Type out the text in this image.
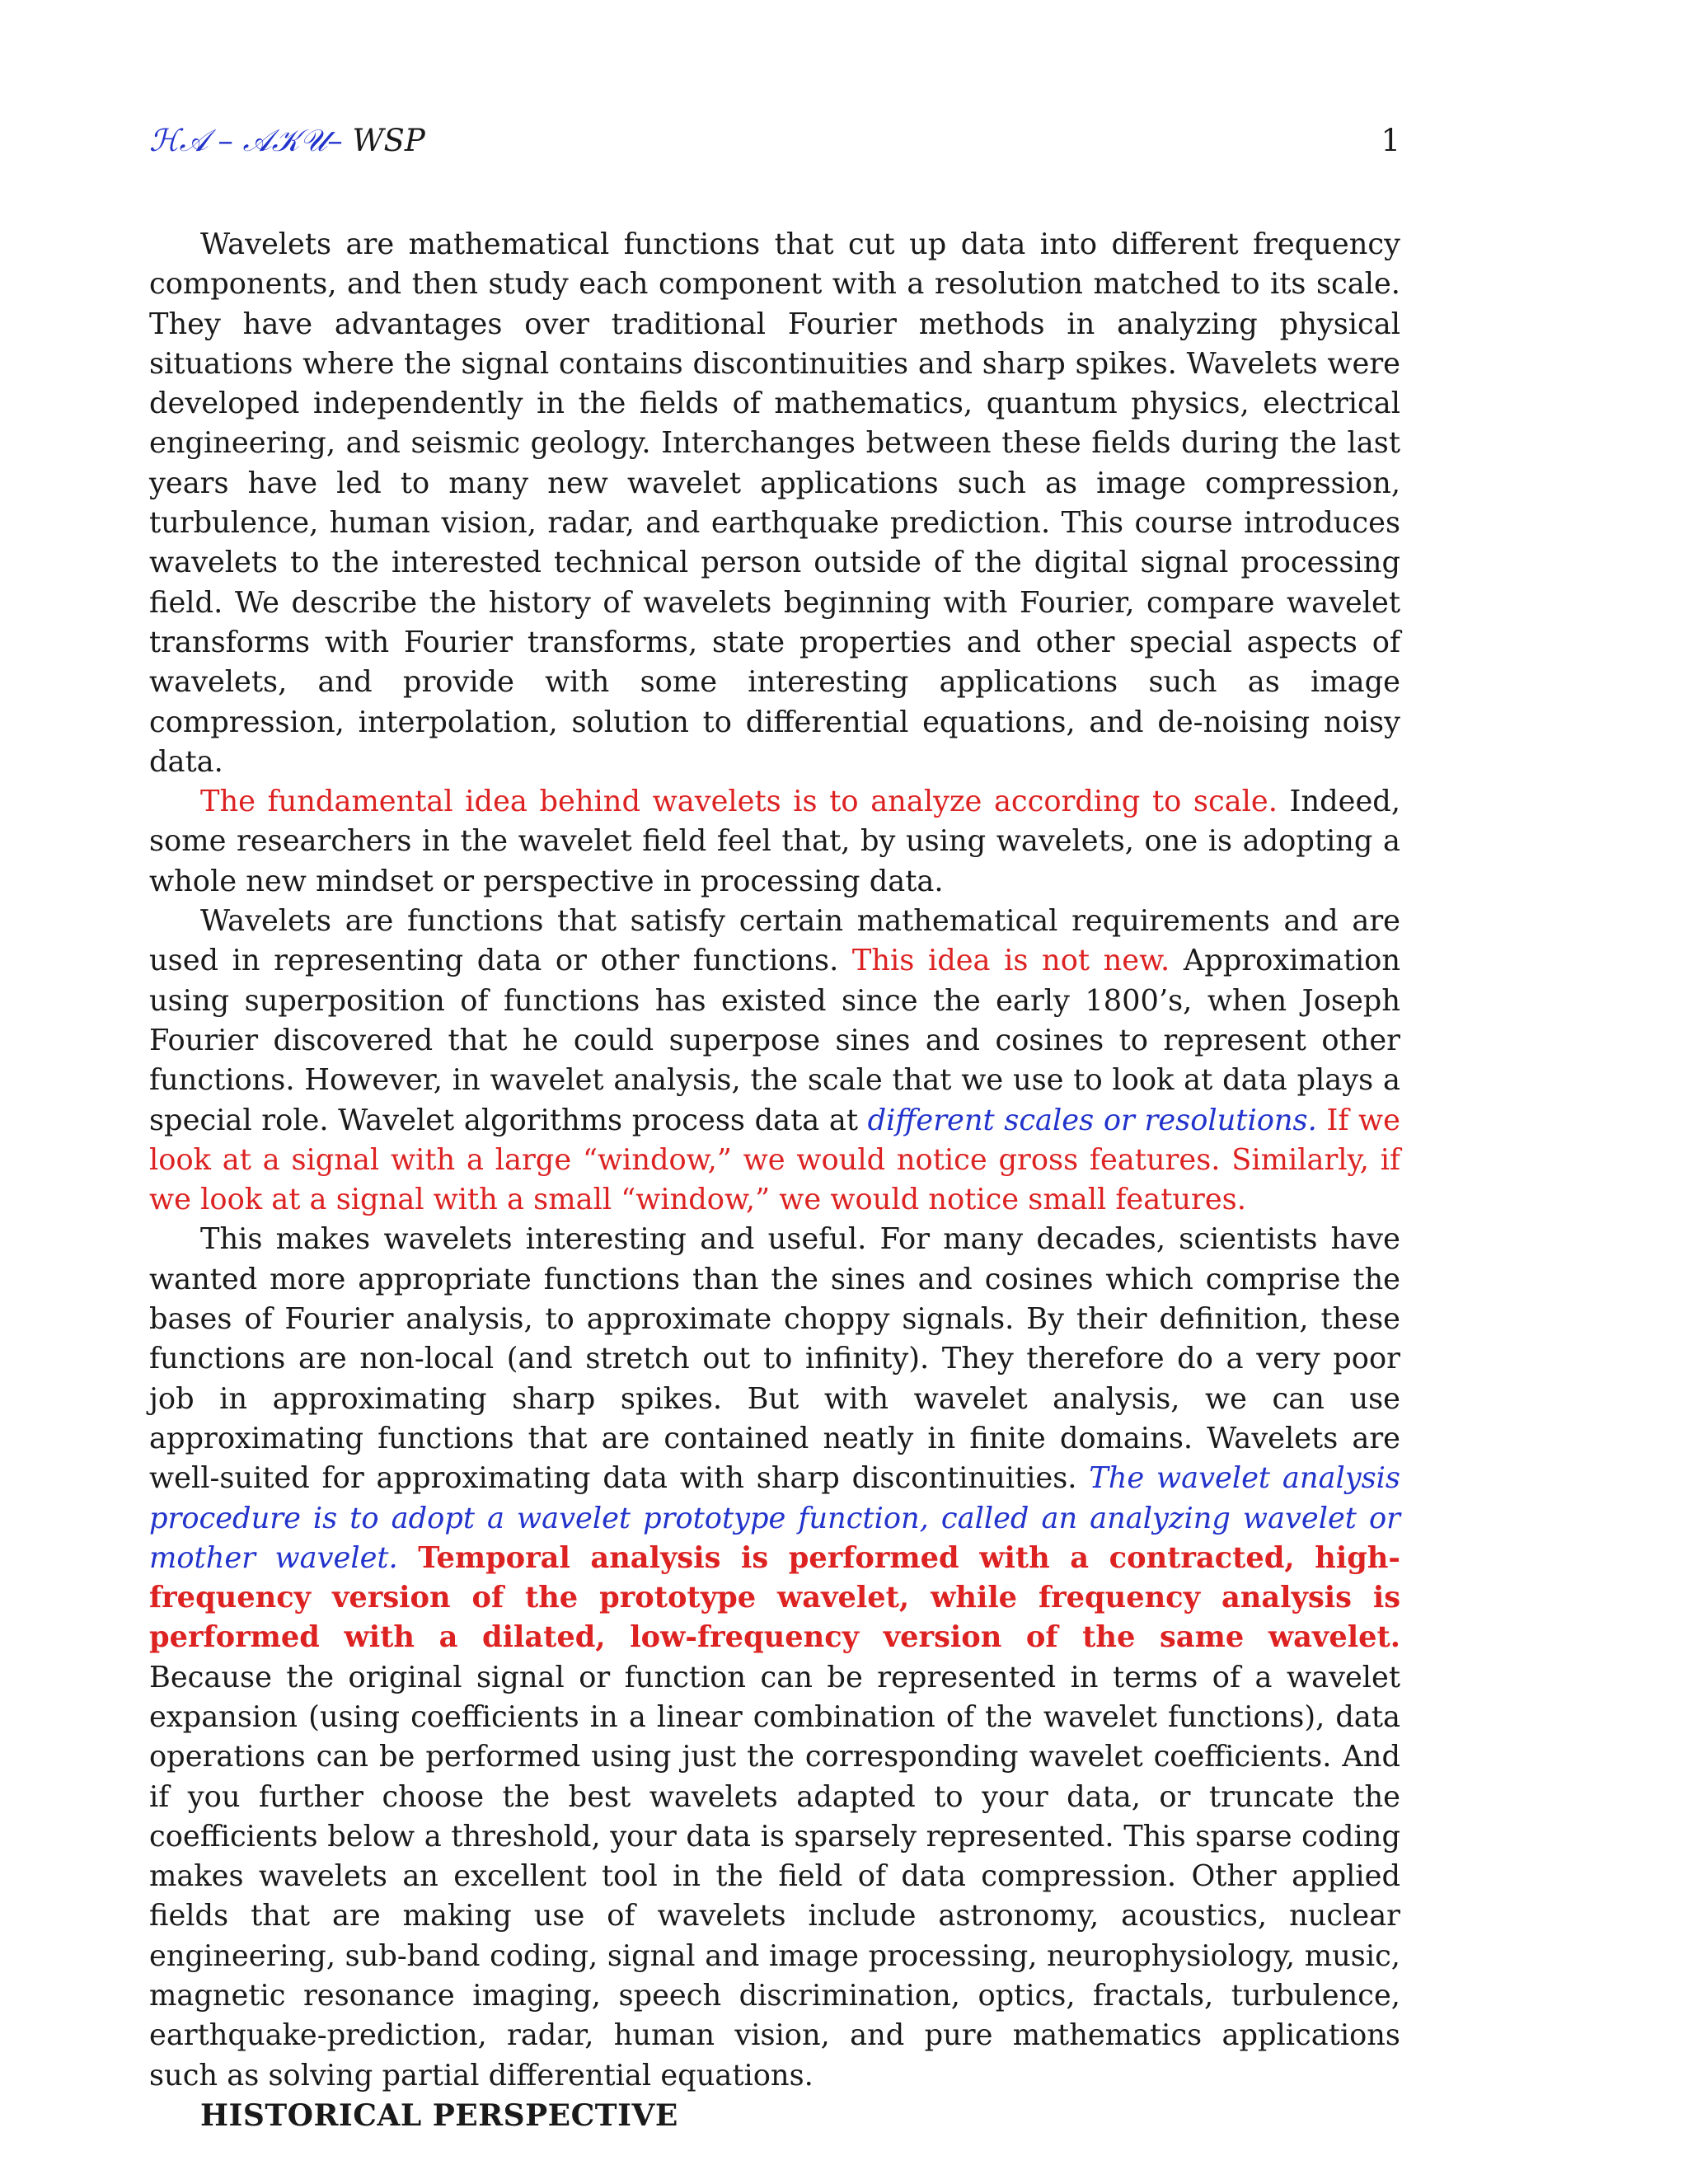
ℋ𝒜 – 𝒜𝒦𝒰– WSP	1

Wavelets are mathematical functions that cut up data into different frequency components, and then study each component with a resolution matched to its scale. They have advantages over traditional Fourier methods in analyzing physical situations where the signal contains discontinuities and sharp spikes. Wavelets were developed independently in the fields of mathematics, quantum physics, electrical engineering, and seismic geology. Interchanges between these fields during the last years have led to many new wavelet applications such as image compression, turbulence, human vision, radar, and earthquake prediction. This course introduces wavelets to the interested technical person outside of the digital signal processing field. We describe the history of wavelets beginning with Fourier, compare wavelet transforms with Fourier transforms, state properties and other special aspects of wavelets, and provide with some interesting applications such as image compression, interpolation, solution to differential equations, and de-noising noisy data.

The fundamental idea behind wavelets is to analyze according to scale. Indeed, some researchers in the wavelet field feel that, by using wavelets, one is adopting a whole new mindset or perspective in processing data.

Wavelets are functions that satisfy certain mathematical requirements and are used in representing data or other functions. This idea is not new. Approximation using superposition of functions has existed since the early 1800’s, when Joseph Fourier discovered that he could superpose sines and cosines to represent other functions. However, in wavelet analysis, the scale that we use to look at data plays a special role. Wavelet algorithms process data at different scales or resolutions. If we look at a signal with a large “window,” we would notice gross features. Similarly, if we look at a signal with a small “window,” we would notice small features.

This makes wavelets interesting and useful. For many decades, scientists have wanted more appropriate functions than the sines and cosines which comprise the bases of Fourier analysis, to approximate choppy signals. By their definition, these functions are non-local (and stretch out to infinity). They therefore do a very poor job in approximating sharp spikes. But with wavelet analysis, we can use approximating functions that are contained neatly in finite domains. Wavelets are well-suited for approximating data with sharp discontinuities. The wavelet analysis procedure is to adopt a wavelet prototype function, called an analyzing wavelet or mother wavelet. Temporal analysis is performed with a contracted, high-frequency version of the prototype wavelet, while frequency analysis is performed with a dilated, low-frequency version of the same wavelet. Because the original signal or function can be represented in terms of a wavelet expansion (using coefficients in a linear combination of the wavelet functions), data operations can be performed using just the corresponding wavelet coefficients. And if you further choose the best wavelets adapted to your data, or truncate the coefficients below a threshold, your data is sparsely represented. This sparse coding makes wavelets an excellent tool in the field of data compression. Other applied fields that are making use of wavelets include astronomy, acoustics, nuclear engineering, sub-band coding, signal and image processing, neurophysiology, music, magnetic resonance imaging, speech discrimination, optics, fractals, turbulence, earthquake-prediction, radar, human vision, and pure mathematics applications such as solving partial differential equations.

HISTORICAL PERSPECTIVE
